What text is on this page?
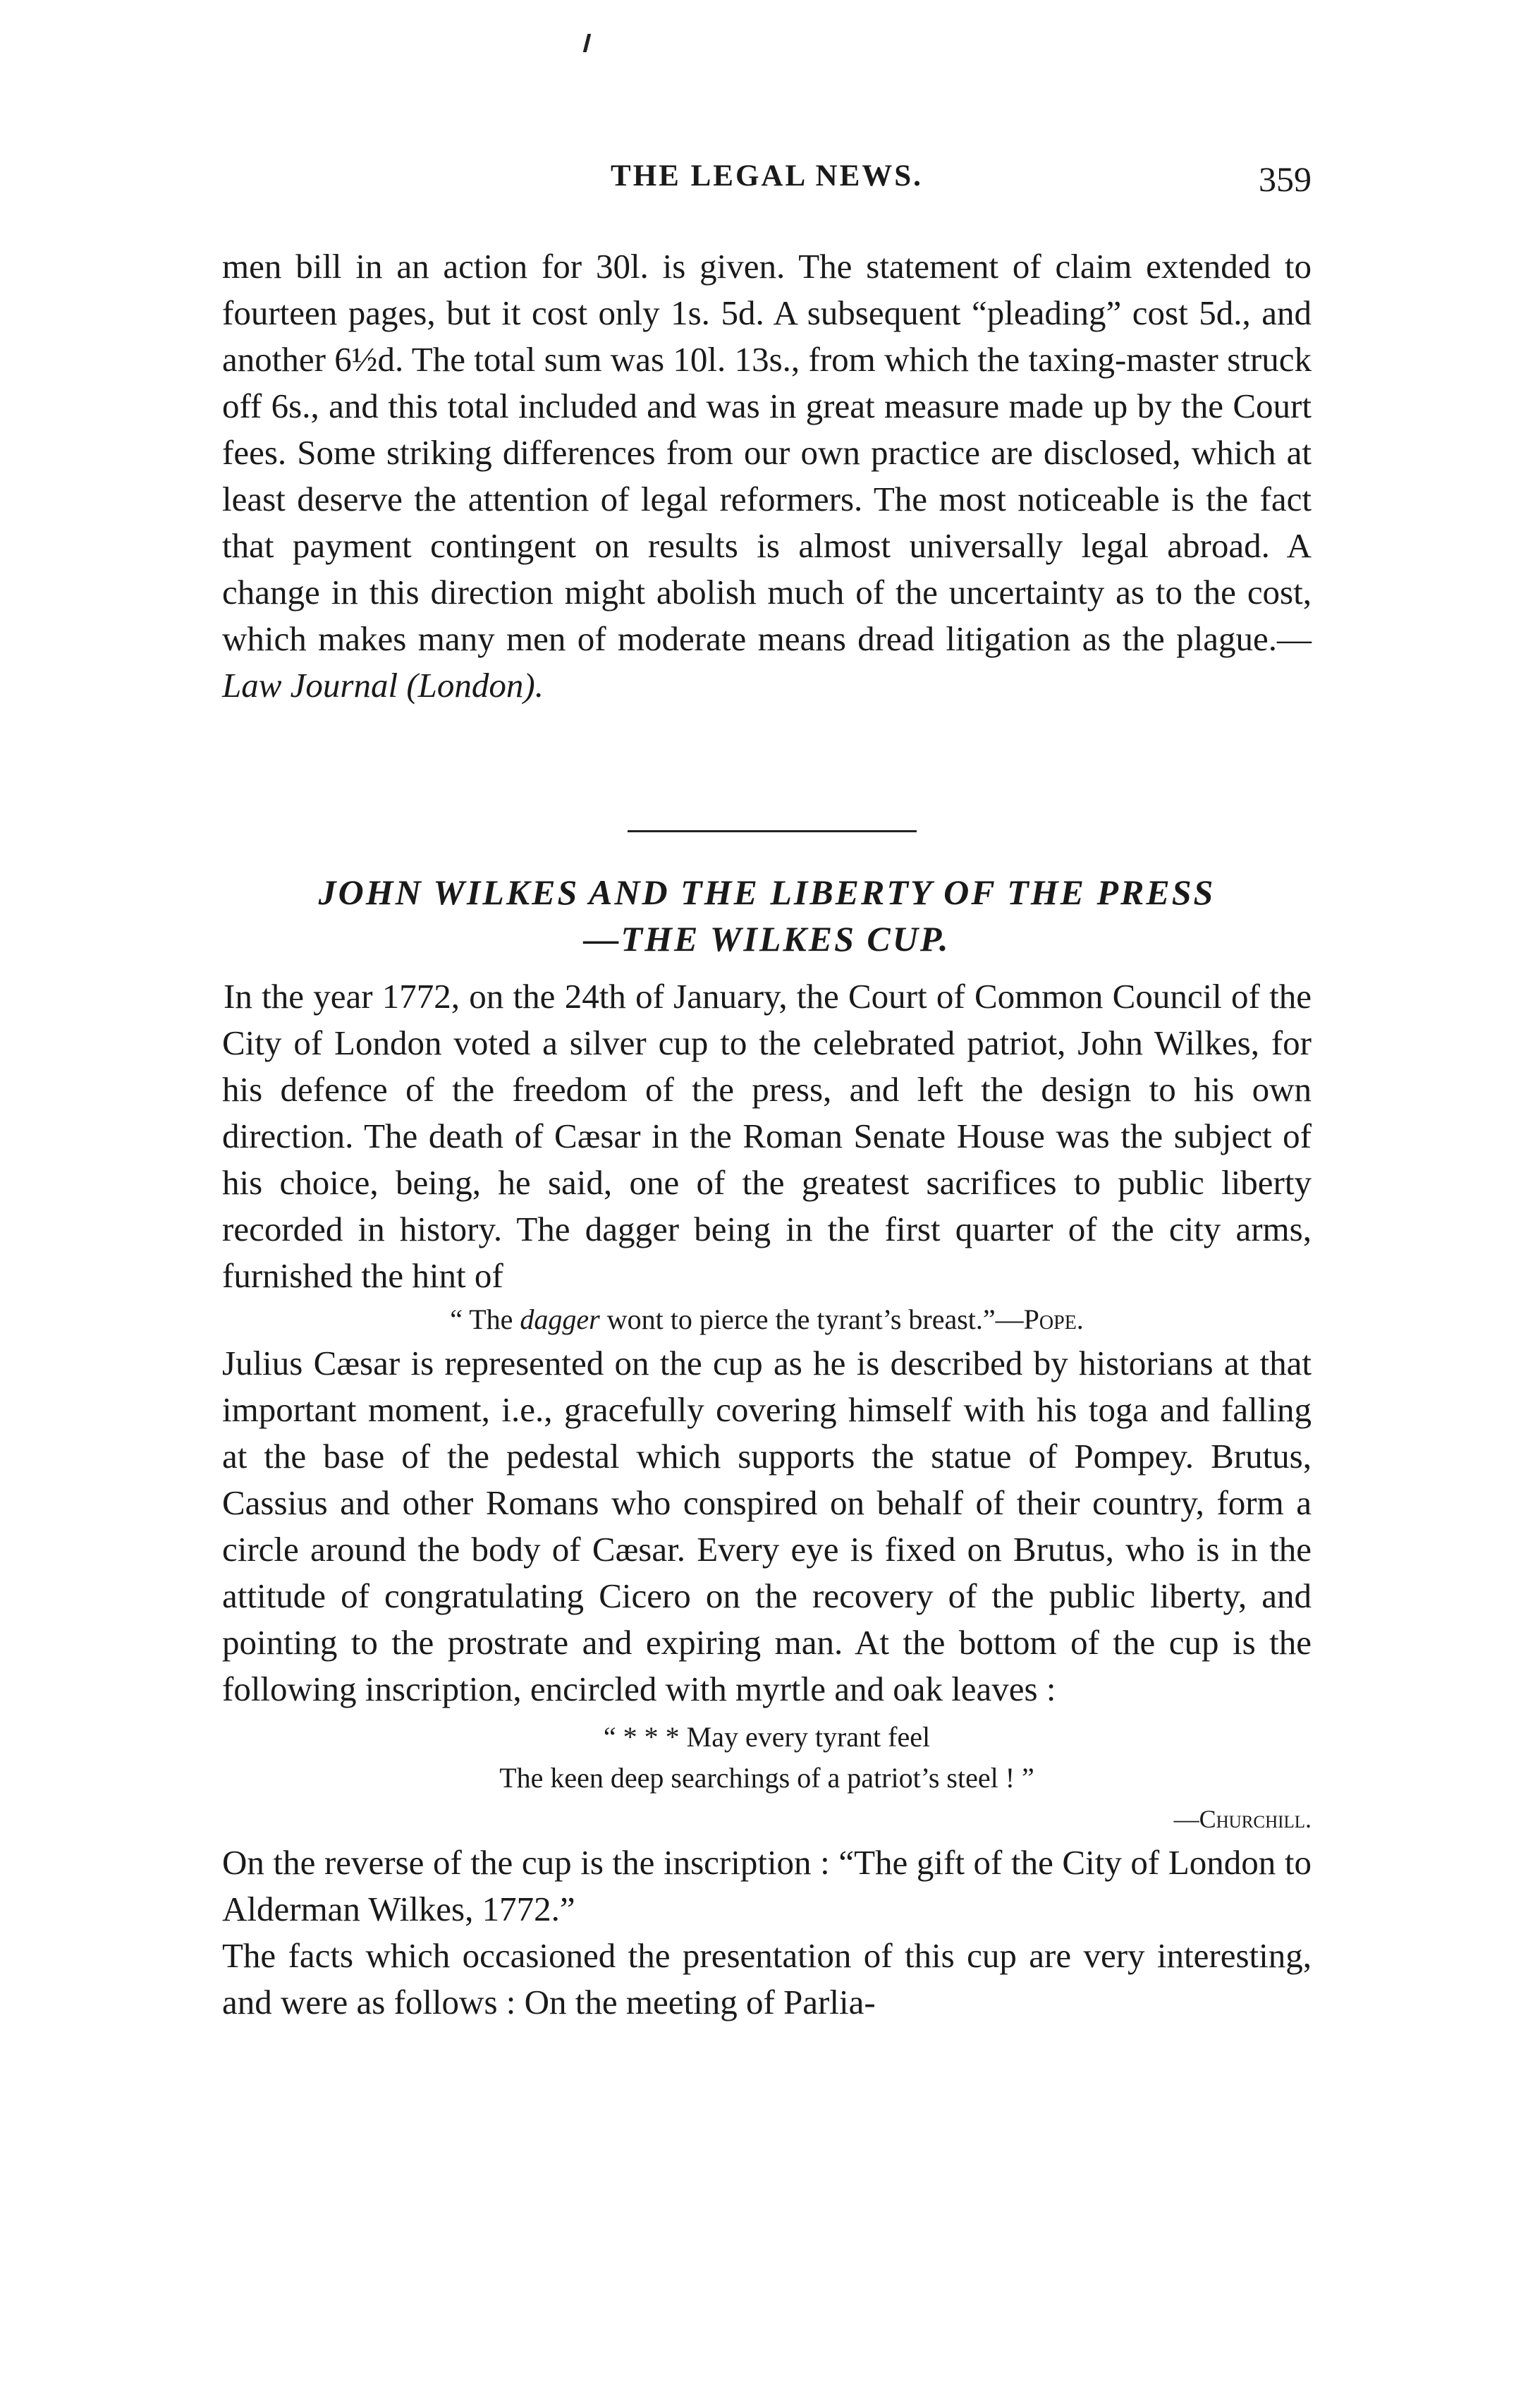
THE LEGAL NEWS.	359

men bill in an action for 30l. is given. The statement of claim extended to fourteen pages, but it cost only 1s. 5d. A subsequent “pleading” cost 5d., and another 6½d. The total sum was 10l. 13s., from which the taxing-master struck off 6s., and this total included and was in great measure made up by the Court fees. Some striking differences from our own practice are disclosed, which at least deserve the attention of legal reformers. The most noticeable is the fact that payment contingent on results is almost universally legal abroad. A change in this direction might abolish much of the uncertainty as to the cost, which makes many men of moderate means dread litigation as the plague.—Law Journal (London).

JOHN WILKES AND THE LIBERTY OF THE PRESS
—THE WILKES CUP.

In the year 1772, on the 24th of January, the Court of Common Council of the City of London voted a silver cup to the celebrated patriot, John Wilkes, for his defence of the freedom of the press, and left the design to his own direction. The death of Cæsar in the Roman Senate House was the subject of his choice, being, he said, one of the greatest sacrifices to public liberty recorded in history. The dagger being in the first quarter of the city arms, furnished the hint of

“ The dagger wont to pierce the tyrant’s breast.”—Pope.

Julius Cæsar is represented on the cup as he is described by historians at that important moment, i.e., gracefully covering himself with his toga and falling at the base of the pedestal which supports the statue of Pompey. Brutus, Cassius and other Romans who conspired on behalf of their country, form a circle around the body of Cæsar. Every eye is fixed on Brutus, who is in the attitude of congratulating Cicero on the recovery of the public liberty, and pointing to the prostrate and expiring man. At the bottom of the cup is the following inscription, encircled with myrtle and oak leaves :

“ * * * May every tyrant feel
The keen deep searchings of a patriot’s steel ! ”

—Churchill.

On the reverse of the cup is the inscription : “The gift of the City of London to Alderman Wilkes, 1772.”

The facts which occasioned the presentation of this cup are very interesting, and were as follows : On the meeting of Parlia-
